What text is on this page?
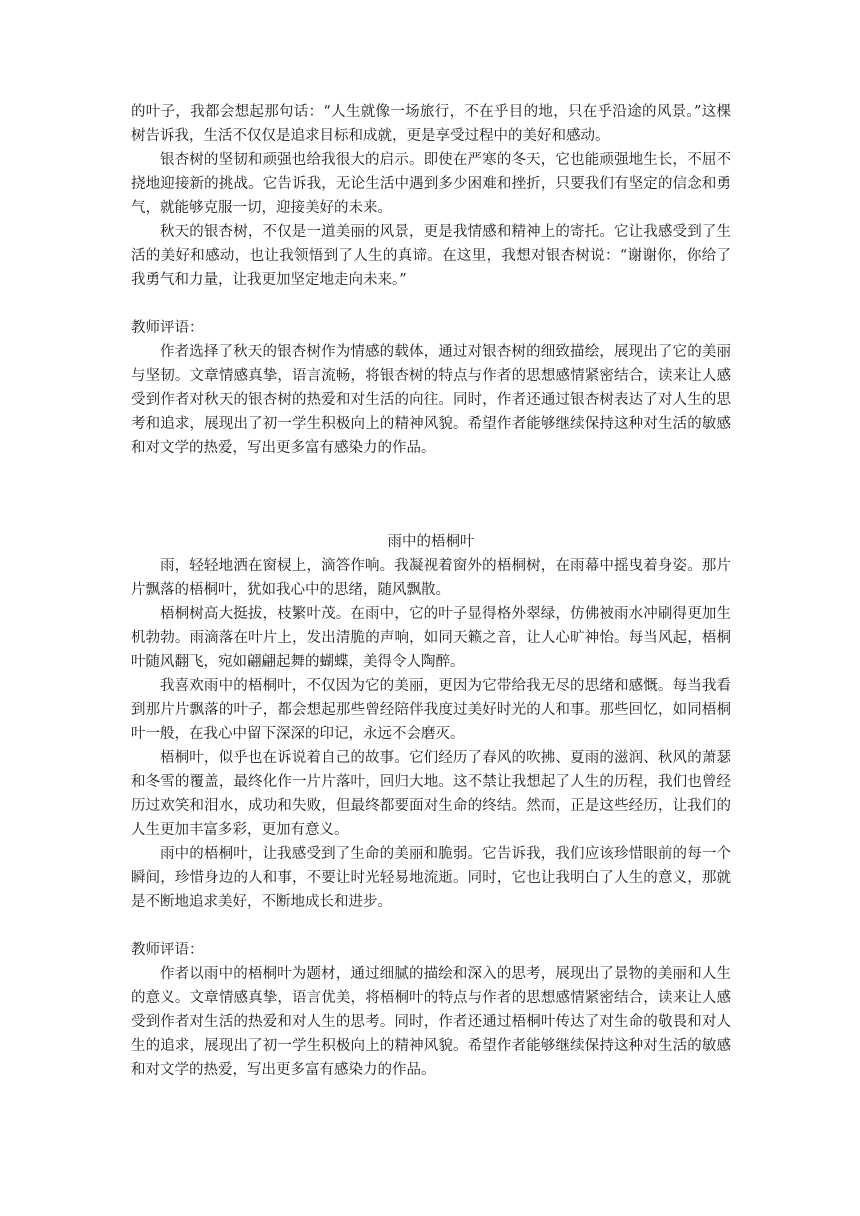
的叶子，我都会想起那句话：“人生就像一场旅行，不在乎目的地，只在乎沿途的风景。”这棵树告诉我，生活不仅仅是追求目标和成就，更是享受过程中的美好和感动。

银杏树的坚韧和顽强也给我很大的启示。即使在严寒的冬天，它也能顽强地生长，不屈不挠地迎接新的挑战。它告诉我，无论生活中遇到多少困难和挫折，只要我们有坚定的信念和勇气，就能够克服一切，迎接美好的未来。

秋天的银杏树，不仅是一道美丽的风景，更是我情感和精神上的寄托。它让我感受到了生活的美好和感动，也让我领悟到了人生的真谛。在这里，我想对银杏树说：“谢谢你，你给了我勇气和力量，让我更加坚定地走向未来。”

教师评语：

作者选择了秋天的银杏树作为情感的载体，通过对银杏树的细致描绘，展现出了它的美丽与坚韧。文章情感真挚，语言流畅，将银杏树的特点与作者的思想感情紧密结合，读来让人感受到作者对秋天的银杏树的热爱和对生活的向往。同时，作者还通过银杏树表达了对人生的思考和追求，展现出了初一学生积极向上的精神风貌。希望作者能够继续保持这种对生活的敏感和对文学的热爱，写出更多富有感染力的作品。

雨中的梧桐叶

雨，轻轻地洒在窗棂上，滴答作响。我凝视着窗外的梧桐树，在雨幕中摇曳着身姿。那片片飘落的梧桐叶，犹如我心中的思绪，随风飘散。

梧桐树高大挺拔，枝繁叶茂。在雨中，它的叶子显得格外翠绿，仿佛被雨水冲刷得更加生机勃勃。雨滴落在叶片上，发出清脆的声响，如同天籁之音，让人心旷神怡。每当风起，梧桐叶随风翻飞，宛如翩翩起舞的蝴蝶，美得令人陶醉。

我喜欢雨中的梧桐叶，不仅因为它的美丽，更因为它带给我无尽的思绪和感慨。每当我看到那片片飘落的叶子，都会想起那些曾经陪伴我度过美好时光的人和事。那些回忆，如同梧桐叶一般，在我心中留下深深的印记，永远不会磨灭。

梧桐叶，似乎也在诉说着自己的故事。它们经历了春风的吹拂、夏雨的滋润、秋风的萧瑟和冬雪的覆盖，最终化作一片片落叶，回归大地。这不禁让我想起了人生的历程，我们也曾经历过欢笑和泪水，成功和失败，但最终都要面对生命的终结。然而，正是这些经历，让我们的人生更加丰富多彩，更加有意义。

雨中的梧桐叶，让我感受到了生命的美丽和脆弱。它告诉我，我们应该珍惜眼前的每一个瞬间，珍惜身边的人和事，不要让时光轻易地流逝。同时，它也让我明白了人生的意义，那就是不断地追求美好，不断地成长和进步。

教师评语：

作者以雨中的梧桐叶为题材，通过细腻的描绘和深入的思考，展现出了景物的美丽和人生的意义。文章情感真挚，语言优美，将梧桐叶的特点与作者的思想感情紧密结合，读来让人感受到作者对生活的热爱和对人生的思考。同时，作者还通过梧桐叶传达了对生命的敬畏和对人生的追求，展现出了初一学生积极向上的精神风貌。希望作者能够继续保持这种对生活的敏感和对文学的热爱，写出更多富有感染力的作品。
